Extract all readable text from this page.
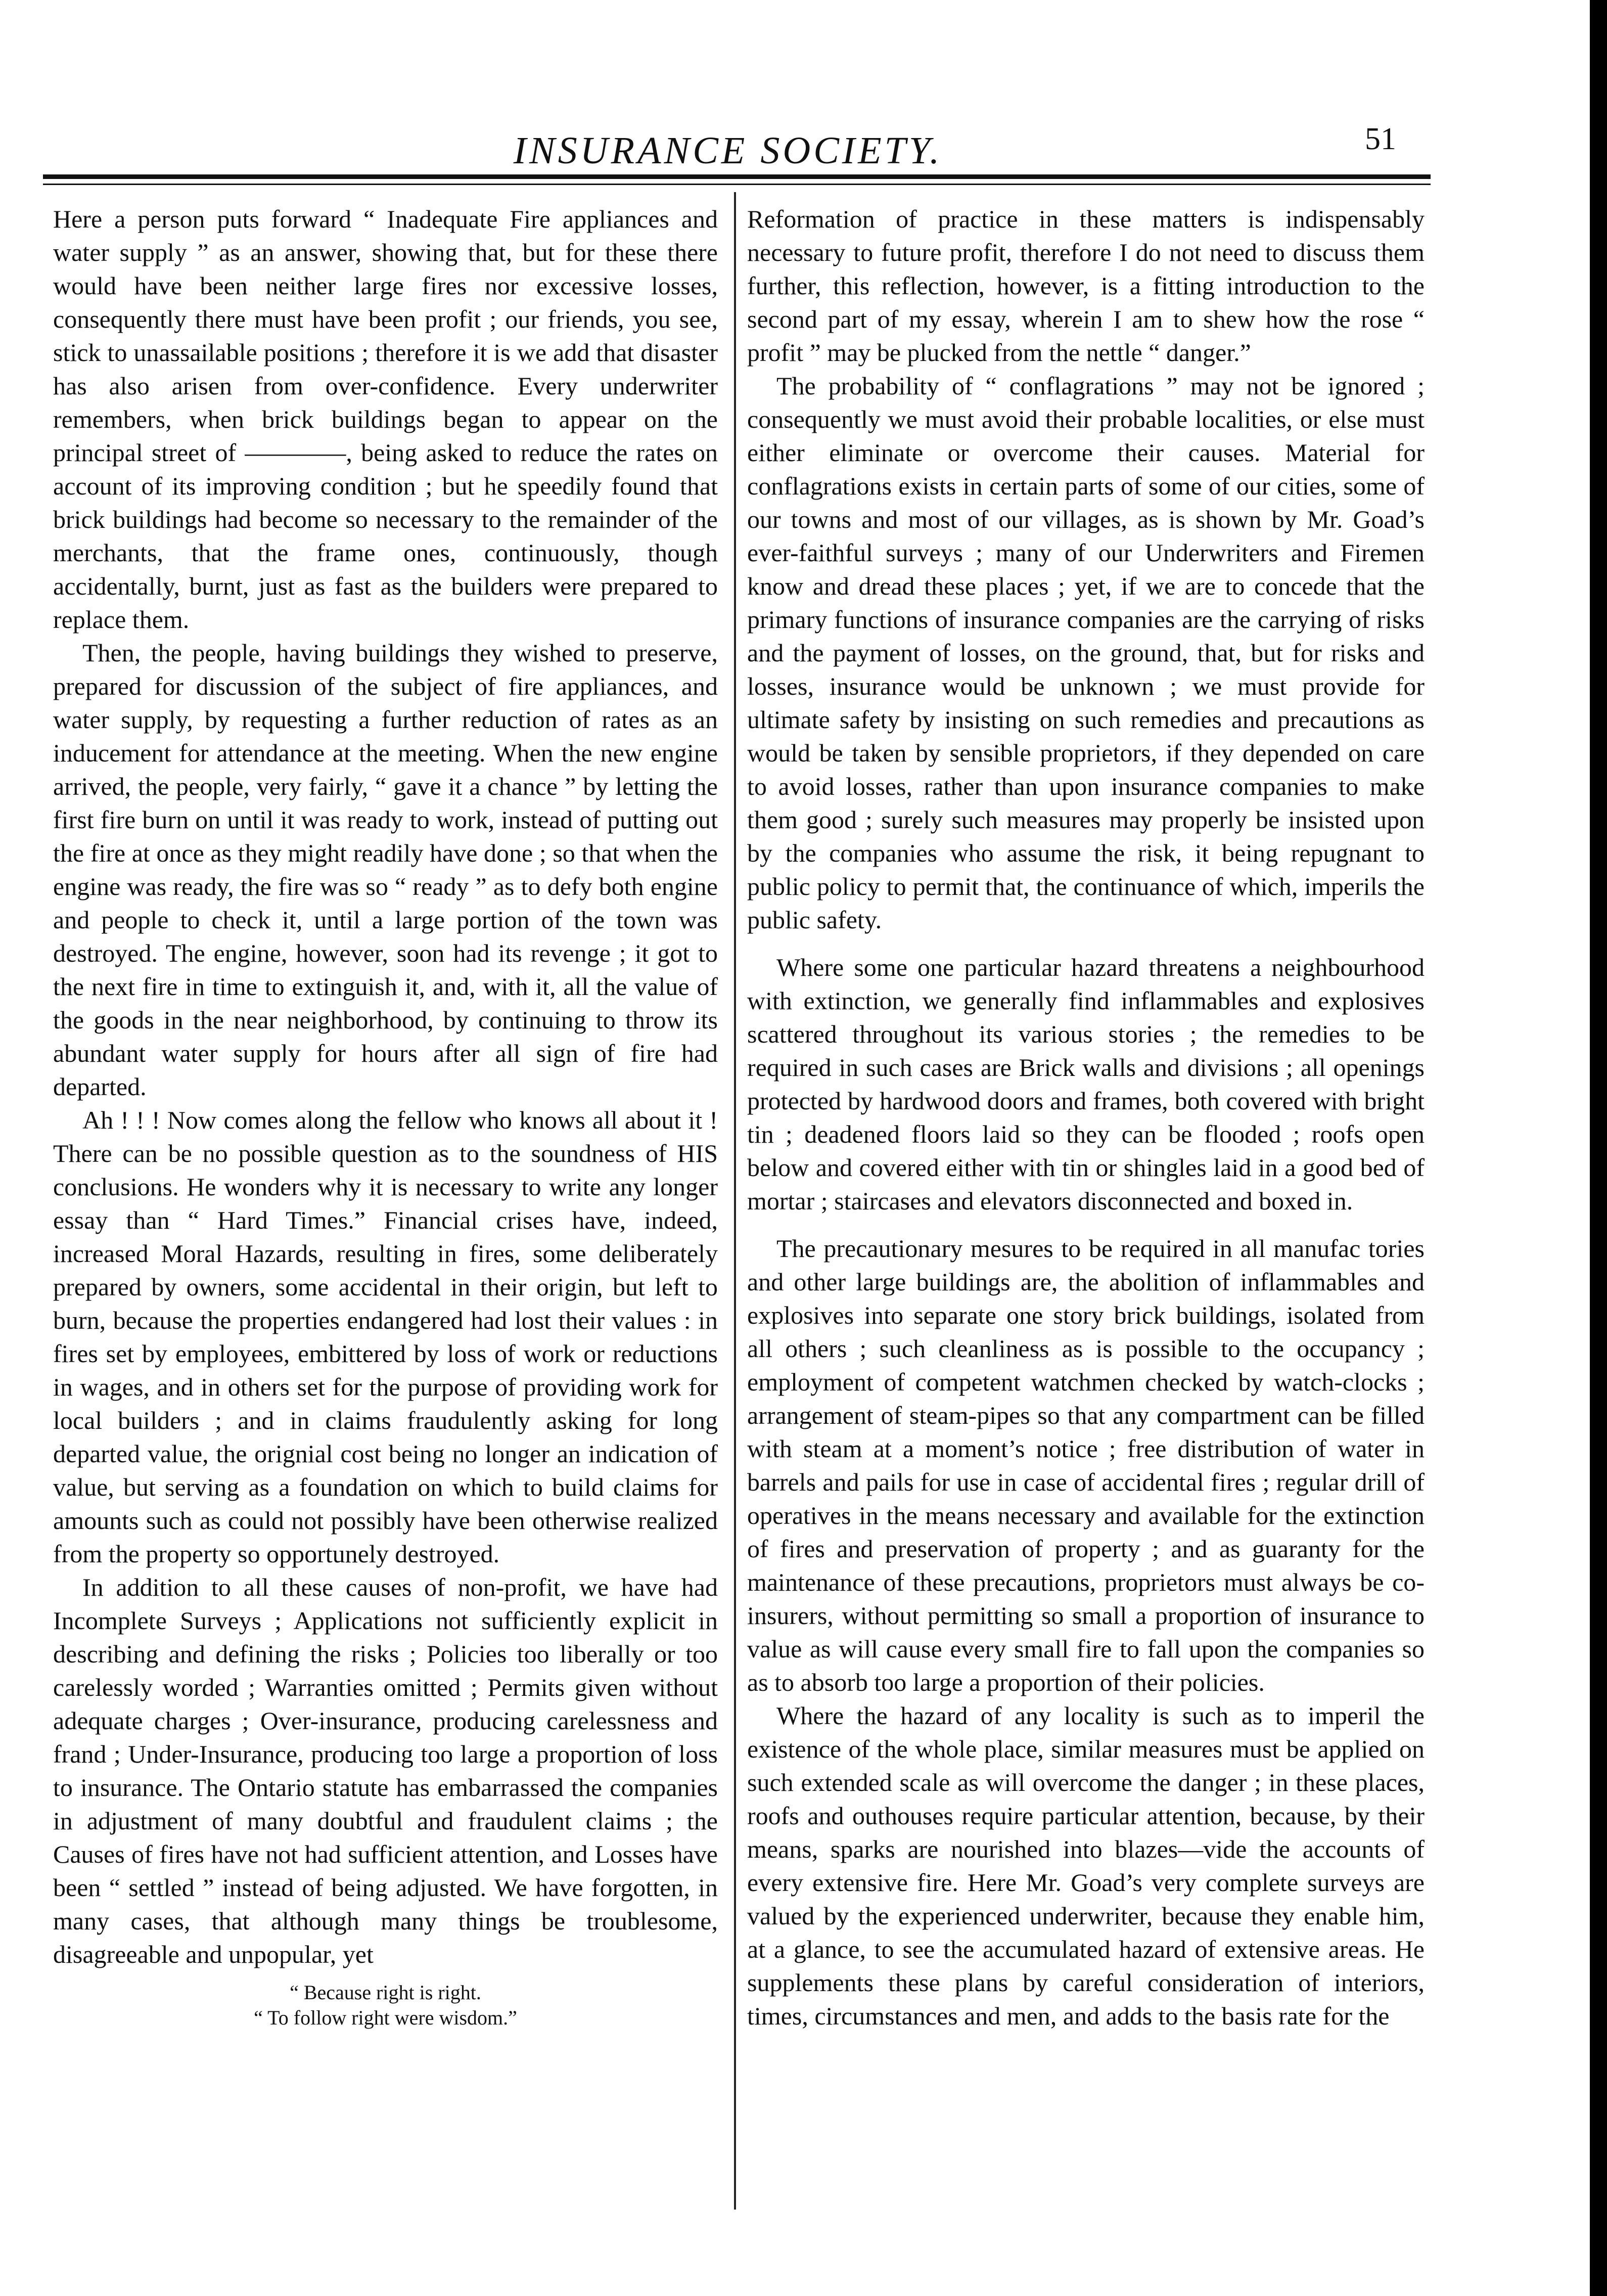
INSURANCE SOCIETY.	51

Here a person puts forward “ Inadequate Fire appliances and water supply ” as an answer, showing that, but for these there would have been neither large fires nor excessive losses, consequently there must have been profit ; our friends, you see, stick to unassailable positions ; therefore it is we add that disaster has also arisen from over-confidence. Every underwriter remembers, when brick buildings began to appear on the principal street of ————, being asked to reduce the rates on account of its improving condition ; but he speedily found that brick buildings had become so necessary to the remainder of the merchants, that the frame ones, continuously, though accidentally, burnt, just as fast as the builders were prepared to replace them.

Then, the people, having buildings they wished to preserve, prepared for discussion of the subject of fire appliances, and water supply, by requesting a further reduction of rates as an inducement for attendance at the meeting. When the new engine arrived, the people, very fairly, “ gave it a chance ” by letting the first fire burn on until it was ready to work, instead of putting out the fire at once as they might readily have done ; so that when the engine was ready, the fire was so “ ready ” as to defy both engine and people to check it, until a large portion of the town was destroyed. The engine, however, soon had its revenge ; it got to the next fire in time to extinguish it, and, with it, all the value of the goods in the near neighborhood, by continuing to throw its abundant water supply for hours after all sign of fire had departed.

Ah ! ! ! Now comes along the fellow who knows all about it ! There can be no possible question as to the soundness of HIS conclusions. He wonders why it is necessary to write any longer essay than “ Hard Times.” Financial crises have, indeed, increased Moral Hazards, resulting in fires, some deliberately prepared by owners, some accidental in their origin, but left to burn, because the properties endangered had lost their values : in fires set by employees, embittered by loss of work or reductions in wages, and in others set for the purpose of providing work for local builders ; and in claims fraudulently asking for long departed value, the orignial cost being no longer an indication of value, but serving as a foundation on which to build claims for amounts such as could not possibly have been otherwise realized from the property so opportunely destroyed.

In addition to all these causes of non-profit, we have had Incomplete Surveys ; Applications not sufficiently explicit in describing and defining the risks ; Policies too liberally or too carelessly worded ; Warranties omitted ; Permits given without adequate charges ; Over-insurance, producing carelessness and frand ; Under-Insurance, producing too large a proportion of loss to insurance. The Ontario statute has embarrassed the companies in adjustment of many doubtful and fraudulent claims ; the Causes of fires have not had sufficient attention, and Losses have been “ settled ” instead of being adjusted. We have forgotten, in many cases, that although many things be troublesome, disagreeable and unpopular, yet

“ Because right is right.
“ To follow right were wisdom.”

Reformation of practice in these matters is indispensably necessary to future profit, therefore I do not need to discuss them further, this reflection, however, is a fitting introduction to the second part of my essay, wherein I am to shew how the rose “ profit ” may be plucked from the nettle “ danger.”

The probability of “ conflagrations ” may not be ignored ; consequently we must avoid their probable localities, or else must either eliminate or overcome their causes. Material for conflagrations exists in certain parts of some of our cities, some of our towns and most of our villages, as is shown by Mr. Goad’s ever-faithful surveys ; many of our Underwriters and Firemen know and dread these places ; yet, if we are to concede that the primary functions of insurance companies are the carrying of risks and the payment of losses, on the ground, that, but for risks and losses, insurance would be unknown ; we must provide for ultimate safety by insisting on such remedies and precautions as would be taken by sensible proprietors, if they depended on care to avoid losses, rather than upon insurance companies to make them good ; surely such measures may properly be insisted upon by the companies who assume the risk, it being repugnant to public policy to permit that, the continuance of which, imperils the public safety.

Where some one particular hazard threatens a neighbourhood with extinction, we generally find inflammables and explosives scattered throughout its various stories ; the remedies to be required in such cases are Brick walls and divisions ; all openings protected by hardwood doors and frames, both covered with bright tin ; deadened floors laid so they can be flooded ; roofs open below and covered either with tin or shingles laid in a good bed of mortar ; staircases and elevators disconnected and boxed in.

The precautionary mesures to be required in all manufac tories and other large buildings are, the abolition of inflammables and explosives into separate one story brick buildings, isolated from all others ; such cleanliness as is possible to the occupancy ; employment of competent watchmen checked by watch-clocks ; arrangement of steam-pipes so that any compartment can be filled with steam at a moment’s notice ; free distribution of water in barrels and pails for use in case of accidental fires ; regular drill of operatives in the means necessary and available for the extinction of fires and preservation of property ; and as guaranty for the maintenance of these precautions, proprietors must always be co-insurers, without permitting so small a proportion of insurance to value as will cause every small fire to fall upon the companies so as to absorb too large a proportion of their policies.

Where the hazard of any locality is such as to imperil the existence of the whole place, similar measures must be applied on such extended scale as will overcome the danger ; in these places, roofs and outhouses require particular attention, because, by their means, sparks are nourished into blazes—vide the accounts of every extensive fire. Here Mr. Goad’s very complete surveys are valued by the experienced underwriter, because they enable him, at a glance, to see the accumulated hazard of extensive areas. He supplements these plans by careful consideration of interiors, times, circumstances and men, and adds to the basis rate for the
